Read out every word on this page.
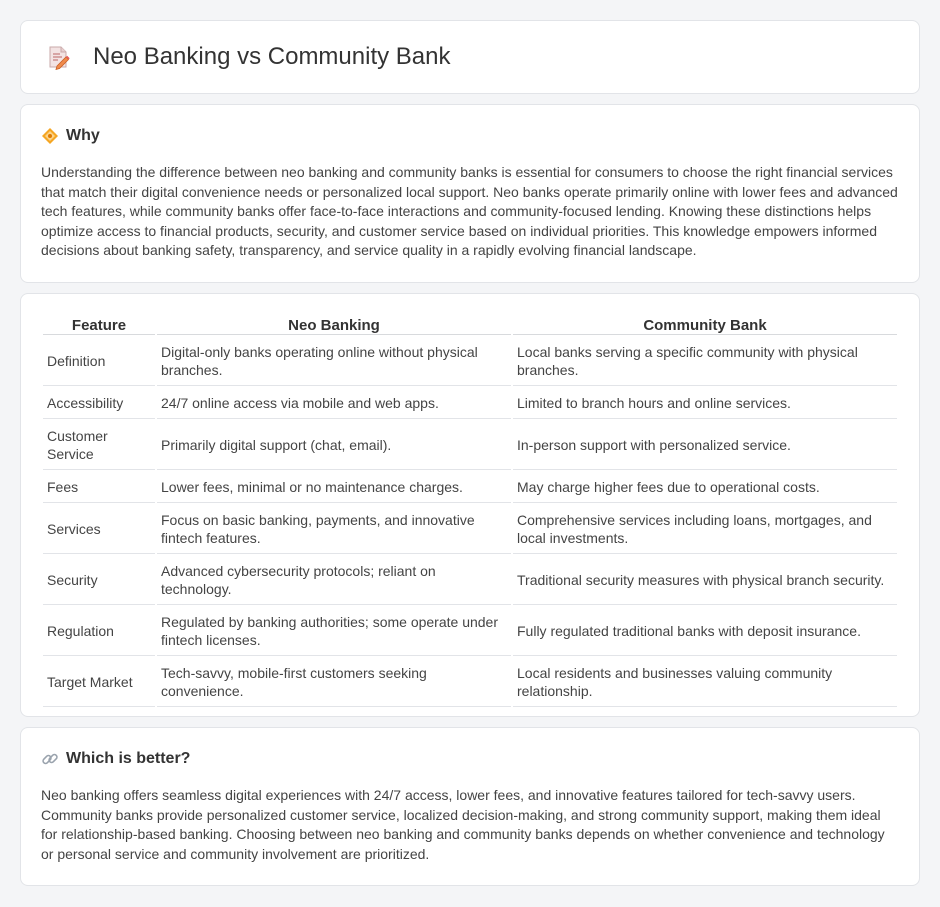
Neo Banking vs Community Bank
Why

Understanding the difference between neo banking and community banks is essential for consumers to choose the right financial services that match their digital convenience needs or personalized local support. Neo banks operate primarily online with lower fees and advanced tech features, while community banks offer face-to-face interactions and community-focused lending. Knowing these distinctions helps optimize access to financial products, security, and customer service based on individual priorities. This knowledge empowers informed decisions about banking safety, transparency, and service quality in a rapidly evolving financial landscape.

Feature	Neo Banking	Community Bank
Definition	Digital-only banks operating online without physical branches.	Local banks serving a specific community with physical branches.
Accessibility	24/7 online access via mobile and web apps.	Limited to branch hours and online services.
Customer Service	Primarily digital support (chat, email).	In-person support with personalized service.
Fees	Lower fees, minimal or no maintenance charges.	May charge higher fees due to operational costs.
Services	Focus on basic banking, payments, and innovative fintech features.	Comprehensive services including loans, mortgages, and local investments.
Security	Advanced cybersecurity protocols; reliant on technology.	Traditional security measures with physical branch security.
Regulation	Regulated by banking authorities; some operate under fintech licenses.	Fully regulated traditional banks with deposit insurance.
Target Market	Tech-savvy, mobile-first customers seeking convenience.	Local residents and businesses valuing community relationship.
Which is better?

Neo banking offers seamless digital experiences with 24/7 access, lower fees, and innovative features tailored for tech-savvy users. Community banks provide personalized customer service, localized decision-making, and strong community support, making them ideal for relationship-based banking. Choosing between neo banking and community banks depends on whether convenience and technology or personal service and community involvement are prioritized.
